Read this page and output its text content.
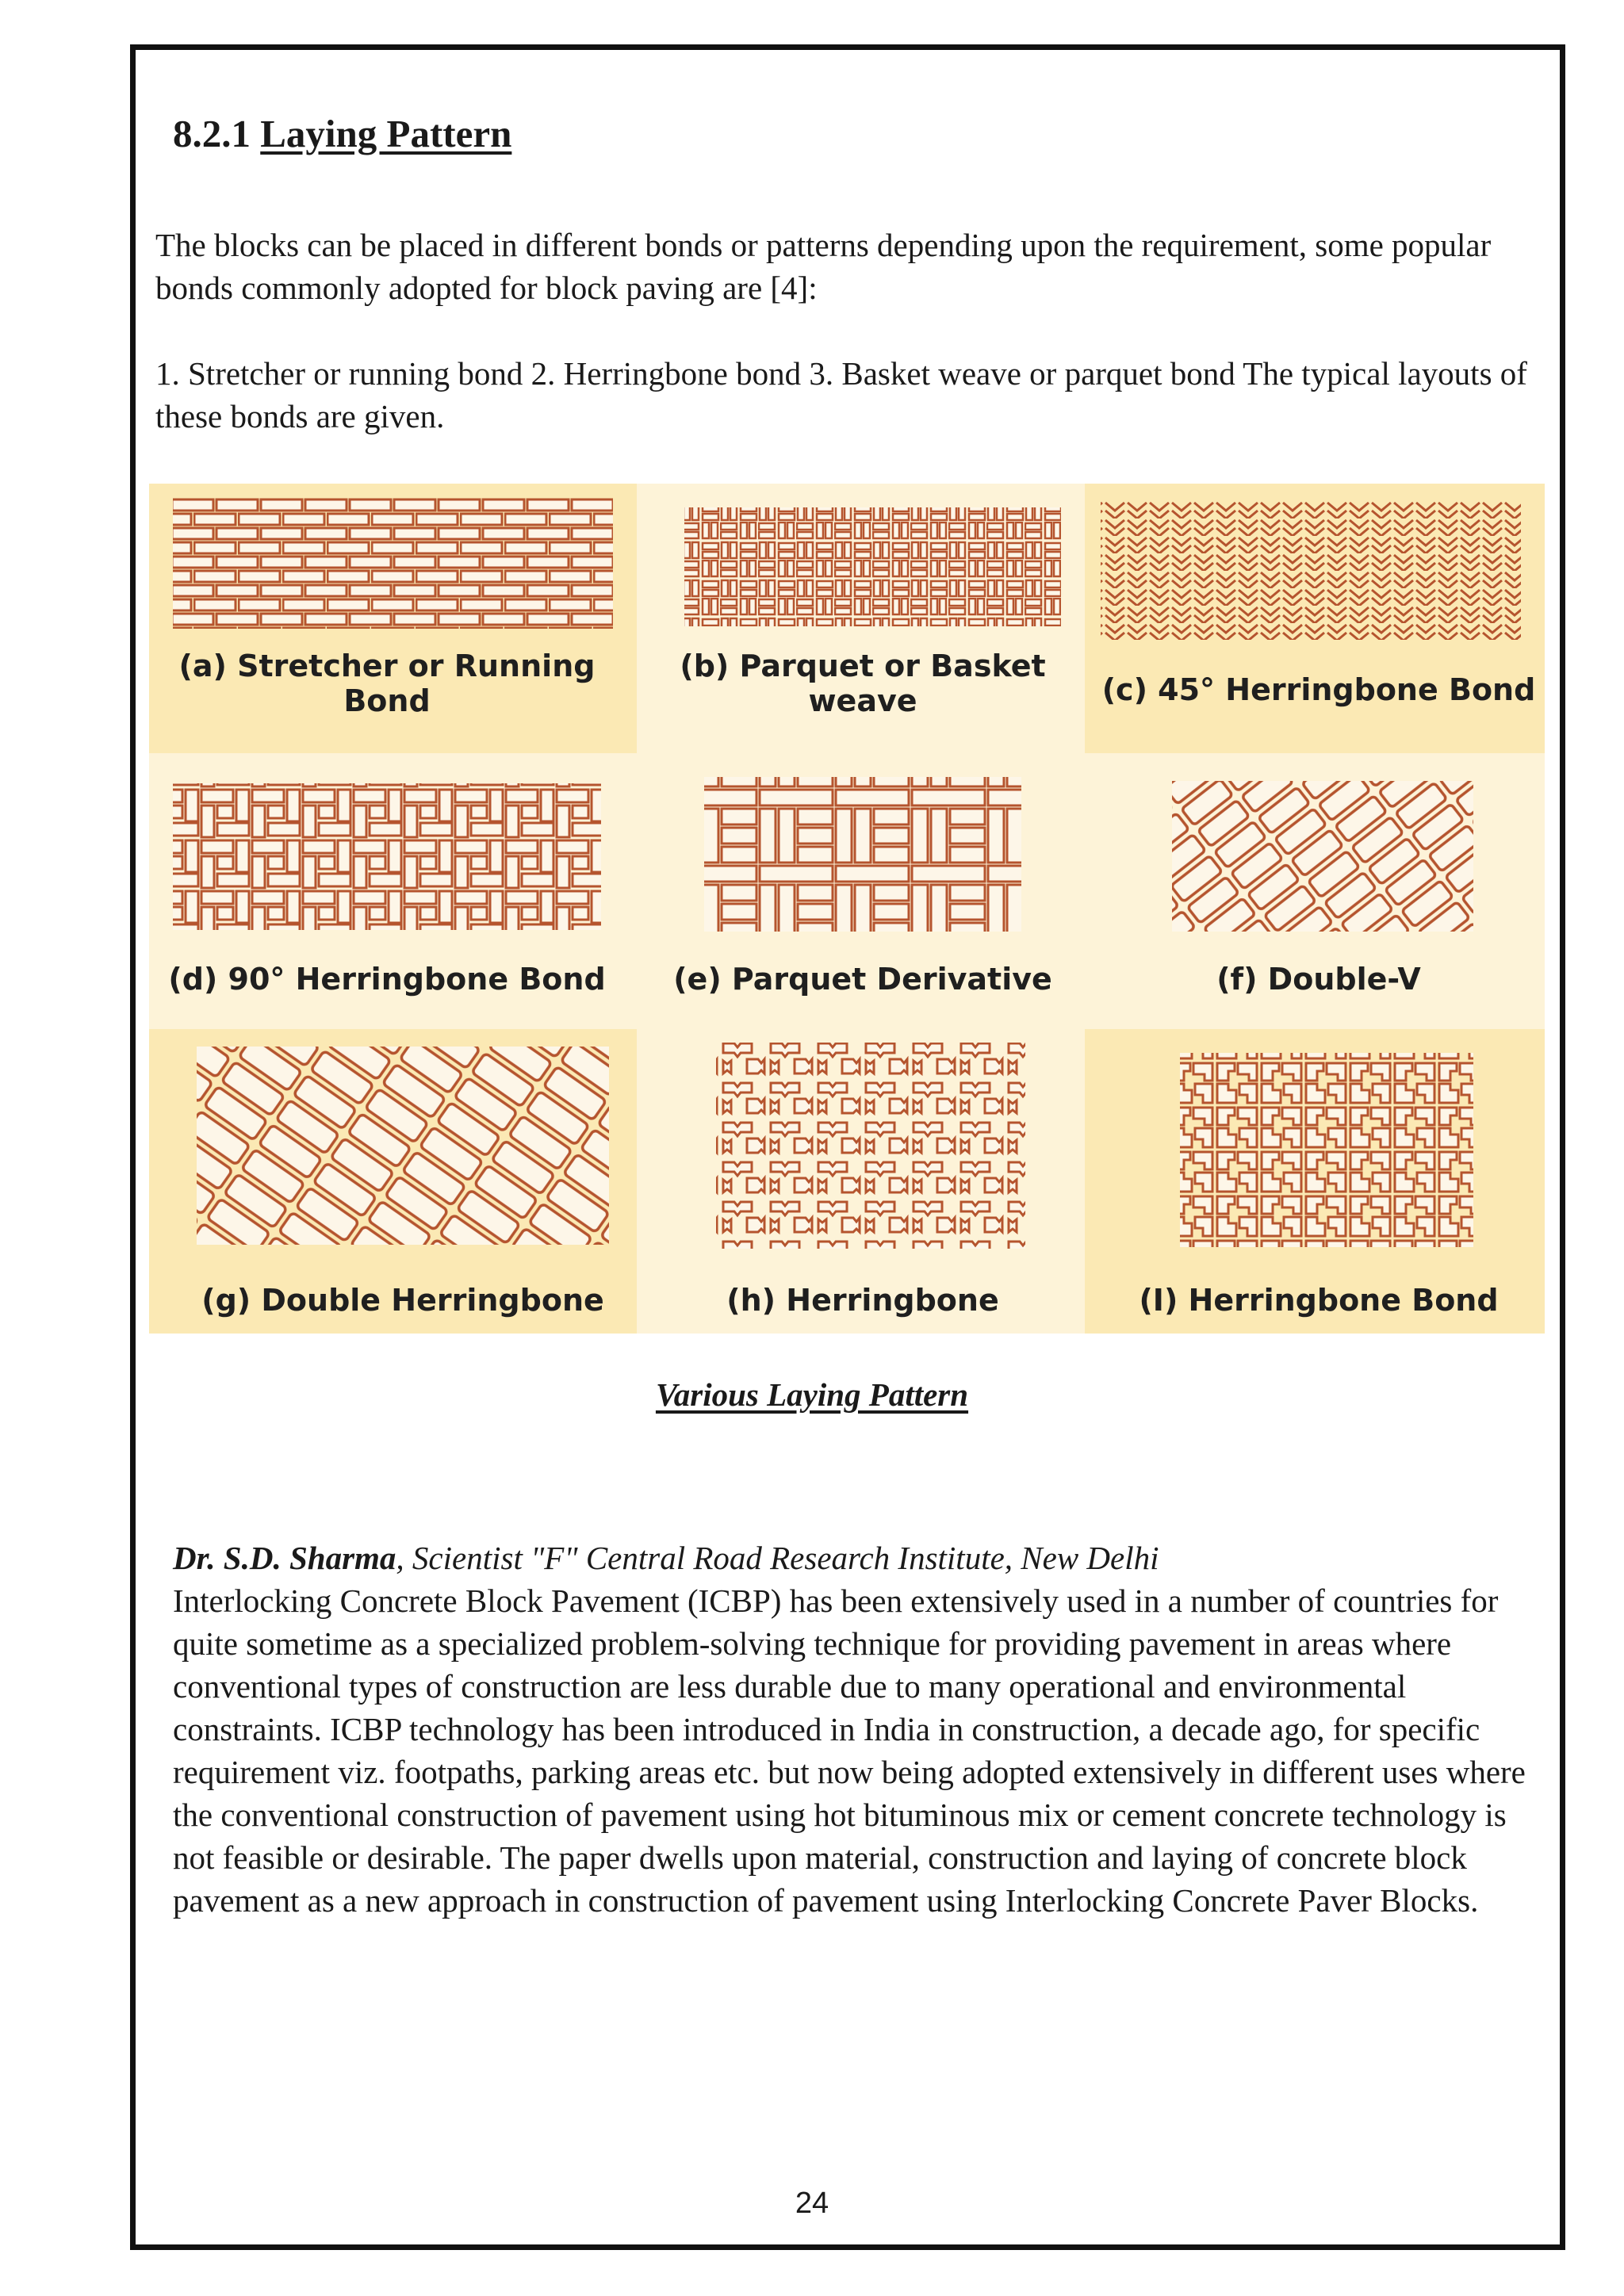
8.2.1 Laying Pattern

The blocks can be placed in different bonds or patterns depending upon the requirement, some popular bonds commonly adopted for block paving are [4]:

1. Stretcher or running bond 2. Herringbone bond 3. Basket weave or parquet bond The typical layouts of these bonds are given.

(a) Stretcher or Running
Bond
(b) Parquet or Basket
weave	(c) 45° Herringbone Bond
(d) 90° Herringbone Bond (e) Parquet Derivative	(f) Double-V
(g) Double Herringbone	(h) Herringbone	(I) Herringbone Bond
Various Laying Pattern
Dr. S.D. Sharma, Scientist "F" Central Road Research Institute, New Delhi

Interlocking Concrete Block Pavement (ICBP) has been extensively used in a number of countries for quite sometime as a specialized problem-solving technique for providing pavement in areas where conventional types of construction are less durable due to many operational and environmental constraints. ICBP technology has been introduced in India in construction, a decade ago, for specific requirement viz. footpaths, parking areas etc. but now being adopted extensively in different uses where the conventional construction of pavement using hot bituminous mix or cement concrete technology is not feasible or desirable. The paper dwells upon material, construction and laying of concrete block pavement as a new approach in construction of pavement using Interlocking Concrete Paver Blocks.

24
